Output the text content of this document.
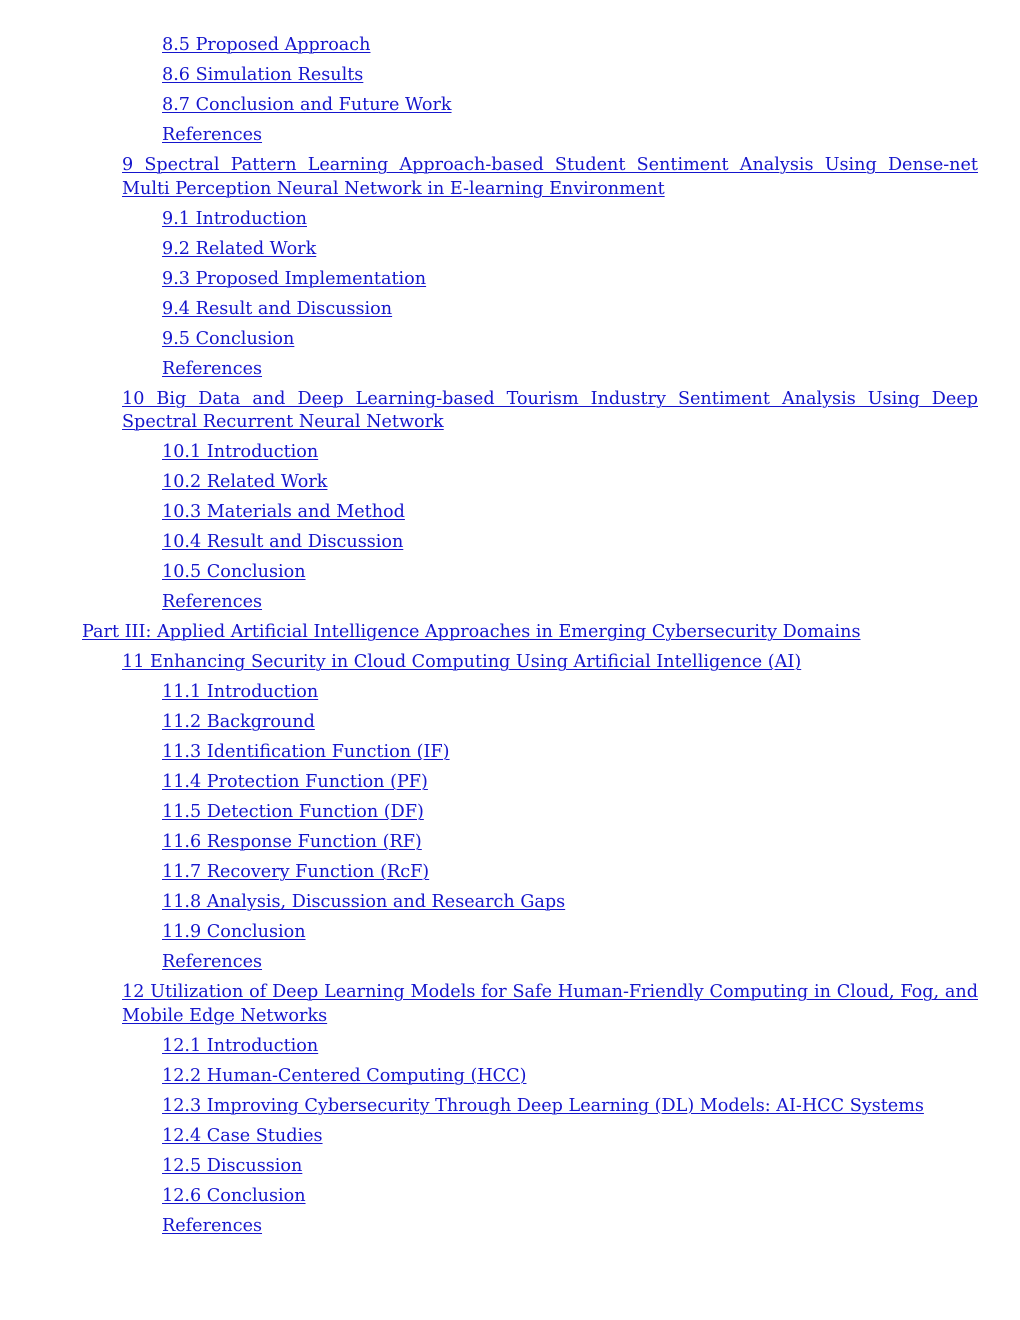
8.5 Proposed Approach
8.6 Simulation Results
8.7 Conclusion and Future Work
References
9 Spectral Pattern Learning Approach-based Student Sentiment Analysis Using Dense-net Multi Perception Neural Network in E-learning Environment
9.1 Introduction
9.2 Related Work
9.3 Proposed Implementation
9.4 Result and Discussion
9.5 Conclusion
References
10 Big Data and Deep Learning-based Tourism Industry Sentiment Analysis Using Deep Spectral Recurrent Neural Network
10.1 Introduction
10.2 Related Work
10.3 Materials and Method
10.4 Result and Discussion
10.5 Conclusion
References
Part III: Applied Artificial Intelligence Approaches in Emerging Cybersecurity Domains
11 Enhancing Security in Cloud Computing Using Artificial Intelligence (AI)
11.1 Introduction
11.2 Background
11.3 Identification Function (IF)
11.4 Protection Function (PF)
11.5 Detection Function (DF)
11.6 Response Function (RF)
11.7 Recovery Function (RcF)
11.8 Analysis, Discussion and Research Gaps
11.9 Conclusion
References
12 Utilization of Deep Learning Models for Safe Human-Friendly Computing in Cloud, Fog, and Mobile Edge Networks
12.1 Introduction
12.2 Human-Centered Computing (HCC)
12.3 Improving Cybersecurity Through Deep Learning (DL) Models: AI-HCC Systems
12.4 Case Studies
12.5 Discussion
12.6 Conclusion
References
